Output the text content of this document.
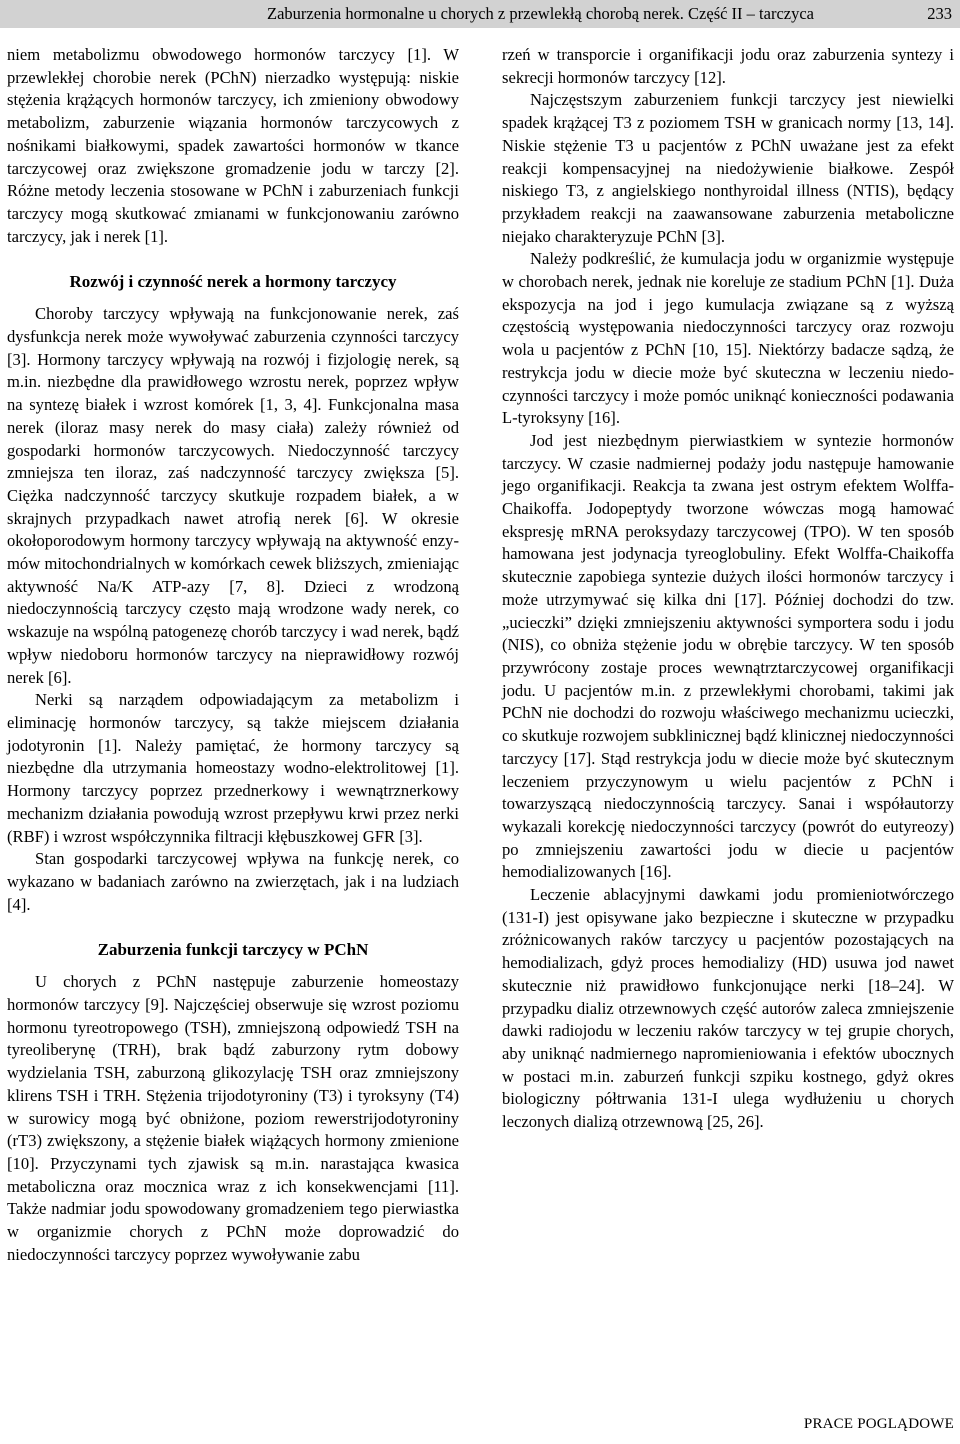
Zaburzenia hormonalne u chorych z przewlekłą chorobą nerek. Część II – tarczyca	233

niem metabolizmu obwodowego hormonów tarczycy [1]. W przewlekłej chorobie nerek (PChN) nierzadko występują: niskie stężenia krążących hormonów tarczycy, ich zmieniony obwodowy metabolizm, zaburzenie wiązania hormonów tarczycowych z nośnikami białkowymi, spadek zawartości hormonów w tkance tarczycowej oraz zwiększone gromadzenie jodu w tarczy [2]. Różne metody leczenia stosowane w PChN i zaburzeniach funkcji tarczycy mogą skutkować zmianami w funkcjonowaniu zarówno tarczycy, jak i nerek [1].

Rozwój i czynność nerek a hormony tarczycy

Choroby tarczycy wpływają na funkcjonowanie nerek, zaś dysfunkcja nerek może wywoływać zaburzenia czynności tarczycy [3]. Hormony tarczycy wpływają na rozwój i fizjologię nerek, są m.in. niezbędne dla prawidłowego wzrostu nerek, poprzez wpływ na syntezę białek i wzrost komórek [1, 3, 4]. Funkcjonalna masa nerek (iloraz masy nerek do masy ciała) zależy również od gospodarki hormonów tarczycowych. Niedoczynność tarczycy zmniejsza ten iloraz, zaś nadczynność tarczycy zwiększa [5]. Ciężka nadczynność tarczycy skutkuje rozpadem białek, a w skrajnych przypadkach nawet atrofią nerek [6]. W okresie okołoporodowym hormony tarczycy wpływają na aktywność enzymów mitochondrialnych w komórkach cewek bliższych, zmieniając aktywność Na/K ATP-azy [7, 8]. Dzieci z wrodzoną niedoczynnością tarczycy często mają wrodzone wady nerek, co wskazuje na wspólną patogenezę chorób tarczycy i wad nerek, bądź wpływ niedoboru hormonów tarczycy na nieprawidłowy rozwój nerek [6].

Nerki są narządem odpowiadającym za metabolizm i eliminację hormonów tarczycy, są także miejscem działania jodotyronin [1]. Należy pamiętać, że hormony tarczycy są niezbędne dla utrzymania homeostazy wodno-elektrolitowej [1]. Hormony tarczycy poprzez przednerkowy i wewnątrznerkowy mechanizm działania powodują wzrost przepływu krwi przez nerki (RBF) i wzrost współczynnika filtracji kłębuszkowej GFR [3].

Stan gospodarki tarczycowej wpływa na funkcję nerek, co wykazano w badaniach zarówno na zwierzętach, jak i na ludziach [4].

Zaburzenia funkcji tarczycy w PChN

U chorych z PChN następuje zaburzenie homeostazy hormonów tarczycy [9]. Najczęściej obserwuje się wzrost poziomu hormonu tyreotropowego (TSH), zmniejszoną odpowiedź TSH na tyreoliberynę (TRH), brak bądź zaburzony rytm dobowy wydzielania TSH, zaburzoną glikozylację TSH oraz zmniejszony klirens TSH i TRH. Stężenia trijodotyroniny (T3) i tyroksyny (T4) w surowicy mogą być obniżone, poziom rewerstrijodotyroniny (rT3) zwiększony, a stężenie białek wiążących hormony zmienione [10]. Przyczynami tych zjawisk są m.in. narastająca kwasica metaboliczna oraz mocznica wraz z ich konsekwencjami [11]. Także nadmiar jodu spowodowany gromadzeniem tego pierwiastka w organizmie chorych z PChN może doprowadzić do niedoczynności tarczycy poprzez wywoływanie zabu

rzeń w transporcie i organifikacji jodu oraz zaburzenia syntezy i sekrecji hormonów tarczycy [12].

Najczęstszym zaburzeniem funkcji tarczycy jest niewielki spadek krążącej T3 z poziomem TSH w granicach normy [13, 14]. Niskie stężenie T3 u pacjentów z PChN uważane jest za efekt reakcji kompensacyjnej na niedożywienie białkowe. Zespół niskiego T3, z angielskiego nonthyroidal illness (NTIS), będący przykładem reakcji na zaawansowane zaburzenia metaboliczne niejako charakteryzuje PChN [3].

Należy podkreślić, że kumulacja jodu w organizmie występuje w chorobach nerek, jednak nie koreluje ze stadium PChN [1]. Duża ekspozycja na jod i jego kumulacja związane są z wyższą częstością występowania niedoczynności tarczycy oraz rozwoju wola u pacjentów z PChN [10, 15]. Niektórzy badacze sądzą, że restrykcja jodu w diecie może być skuteczna w leczeniu niedoczynności tarczycy i może pomóc uniknąć konieczności podawania L-tyroksyny [16].

Jod jest niezbędnym pierwiastkiem w syntezie hormonów tarczycy. W czasie nadmiernej podaży jodu następuje hamowanie jego organifikacji. Reakcja ta zwana jest ostrym efektem Wolffa-Chaikoffa. Jodopeptydy tworzone wówczas mogą hamować ekspresję mRNA peroksydazy tarczycowej (TPO). W ten sposób hamowana jest jodynacja tyreoglobuliny. Efekt Wolffa-Chaikoffa skutecznie zapobiega syntezie dużych ilości hormonów tarczycy i może utrzymywać się kilka dni [17]. Później dochodzi do tzw. „ucieczki” dzięki zmniejszeniu aktywności symportera sodu i jodu (NIS), co obniża stężenie jodu w obrębie tarczycy. W ten sposób przywrócony zostaje proces wewnątrztarczycowej organifikacji jodu. U pacjentów m.in. z przewlekłymi chorobami, takimi jak PChN nie dochodzi do rozwoju właściwego mechanizmu ucieczki, co skutkuje rozwojem subklinicznej bądź klinicznej niedoczynności tarczycy [17]. Stąd restrykcja jodu w diecie może być skutecznym leczeniem przyczynowym u wielu pacjentów z PChN i towarzyszącą niedoczynnością tarczycy. Sanai i współautorzy wykazali korekcję niedoczynności tarczycy (powrót do eutyreozy) po zmniejszeniu zawartości jodu w diecie u pacjentów hemodializowanych [16].

Leczenie ablacyjnymi dawkami jodu promieniotwórczego (131-I) jest opisywane jako bezpieczne i skuteczne w przypadku zróżnicowanych raków tarczycy u pacjentów pozostających na hemodializach, gdyż proces hemodializy (HD) usuwa jod nawet skutecznie niż prawidłowo funkcjonujące nerki [18–24]. W przypadku dializ otrzewnowych część autorów zaleca zmniejszenie dawki radiojodu w leczeniu raków tarczycy w tej grupie chorych, aby uniknąć nadmiernego napromieniowania i efektów ubocznych w postaci m.in. zaburzeń funkcji szpiku kostnego, gdyż okres biologiczny półtrwania 131-I ulega wydłużeniu u chorych leczonych dializą otrzewnową [25, 26].

PRACE POGLĄDOWE
